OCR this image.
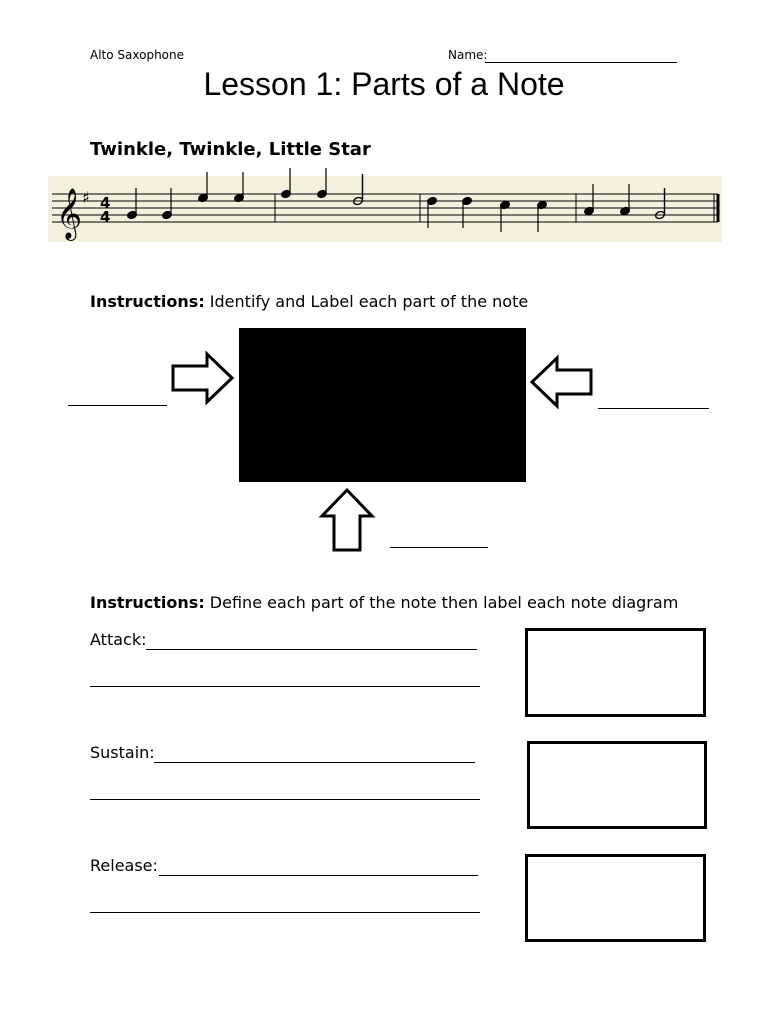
Alto Saxophone	Name:
Lesson 1: Parts of a Note
Twinkle, Twinkle, Little Star
𝄞 ♯ 4
4
Instructions: Identify and Label each part of the note
Instructions: Define each part of the note then label each note diagram
Attack:
Sustain:
Release:
